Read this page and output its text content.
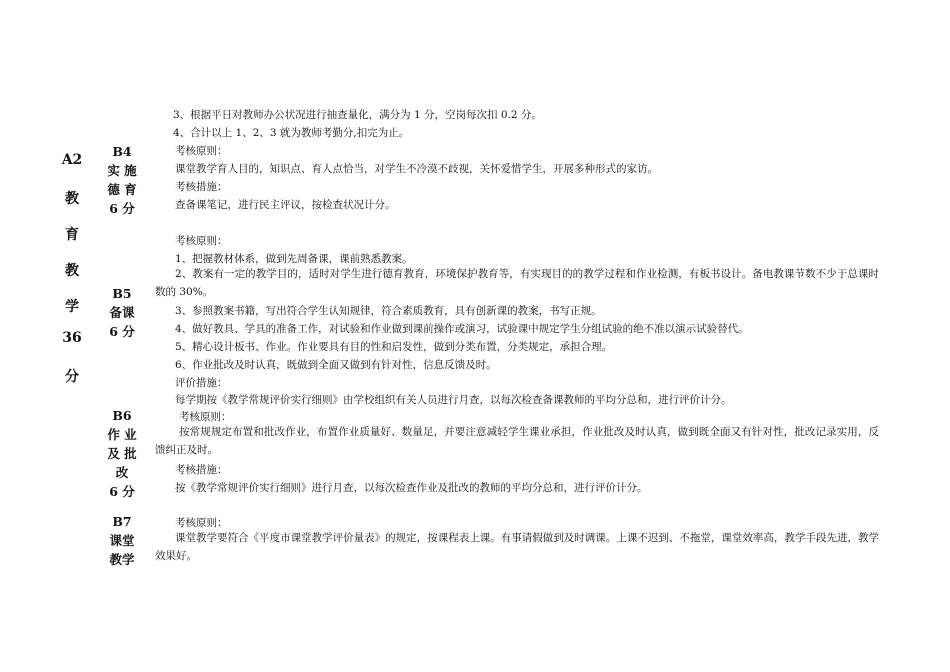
A2
教
育
教
学
36
分
B4
实 施
德 育
6 分
B5
备课
6 分
B6
作 业
及 批
改
6 分
B7
课堂
教学
3、根据平日对教师办公状况进行抽查量化，满分为 1 分，空岗每次扣 0.2 分。
4、合计以上 1、2、3 就为教师考勤分,扣完为止。
考核原则：
课堂教学育人目的，知识点、育人点恰当，对学生不冷漠不歧视，关怀爱惜学生，开展多种形式的家访。
考核措施：
查备课笔记，进行民主评议，按检查状况计分。
考核原则：
1、把握教材体系，做到先周备课，课前熟悉教案。
2、教案有一定的教学目的，适时对学生进行德育教育，环境保护教育等，有实现目的的教学过程和作业检测，有板书设计。备电教课节数不少于总课时数的 30%。
3、参照教案书籍，写出符合学生认知规律，符合素质教育，具有创新课的教案，书写正规。
4、做好教具、学具的准备工作，对试验和作业做到课前操作或演习，试验课中规定学生分组试验的绝不准以演示试验替代。
5、精心设计板书、作业。作业要具有目的性和启发性，做到分类布置，分类规定，承担合理。
6、作业批改及时认真，既做到全面又做到有针对性，信息反馈及时。
评价措施：
每学期按《教学常规评价实行细则》由学校组织有关人员进行月查，以每次检查备课教师的平均分总和，进行评价计分。
考核原则：
按常规规定布置和批改作业，布置作业质量好、数量足，并要注意减轻学生课业承担，作业批改及时认真，做到既全面又有针对性，批改记录实用，反馈纠正及时。
考核措施：
按《教学常规评价实行细则》进行月查，以每次检查作业及批改的教师的平均分总和，进行评价计分。
考核原则：
课堂教学要符合《平度市课堂教学评价量表》的规定，按课程表上课。有事请假做到及时调课。上课不迟到、不拖堂，课堂效率高，教学手段先进，教学效果好。
